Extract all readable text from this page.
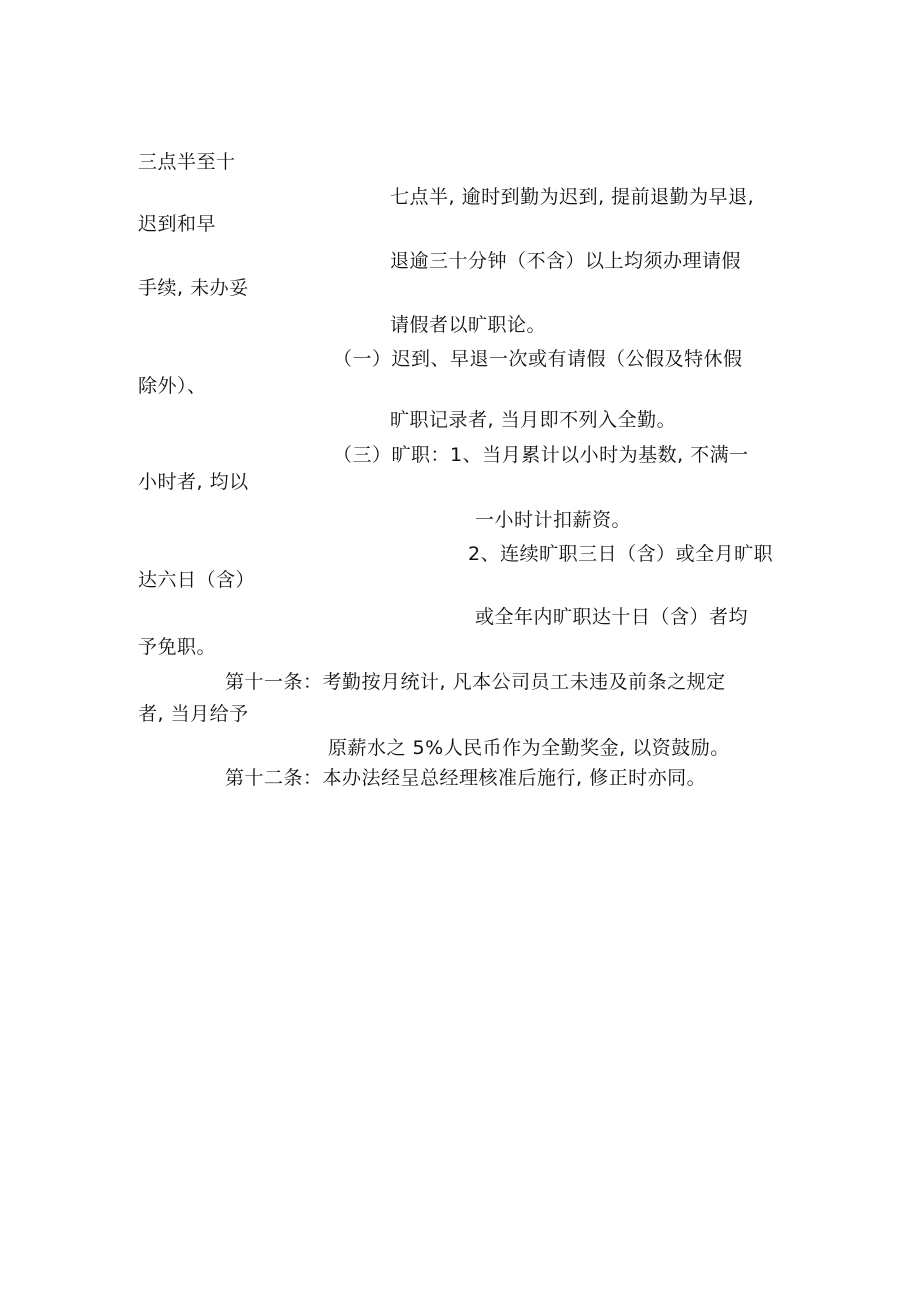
三点半至十
七点半, 逾时到勤为迟到, 提前退勤为早退,
迟到和早
退逾三十分钟（不含）以上均须办理请假
手续, 未办妥
请假者以旷职论。
（一）迟到、早退一次或有请假（公假及特休假
除外）、
旷职记录者, 当月即不列入全勤。
（三）旷职：1、当月累计以小时为基数, 不满一
小时者, 均以
一小时计扣薪资。
2、连续旷职三日（含）或全月旷职
达六日（含）
或全年内旷职达十日（含）者均
予免职。
第十一条：考勤按月统计, 凡本公司员工未违及前条之规定
者, 当月给予
原薪水之 5%人民币作为全勤奖金, 以资鼓励。
第十二条：本办法经呈总经理核准后施行, 修正时亦同。
